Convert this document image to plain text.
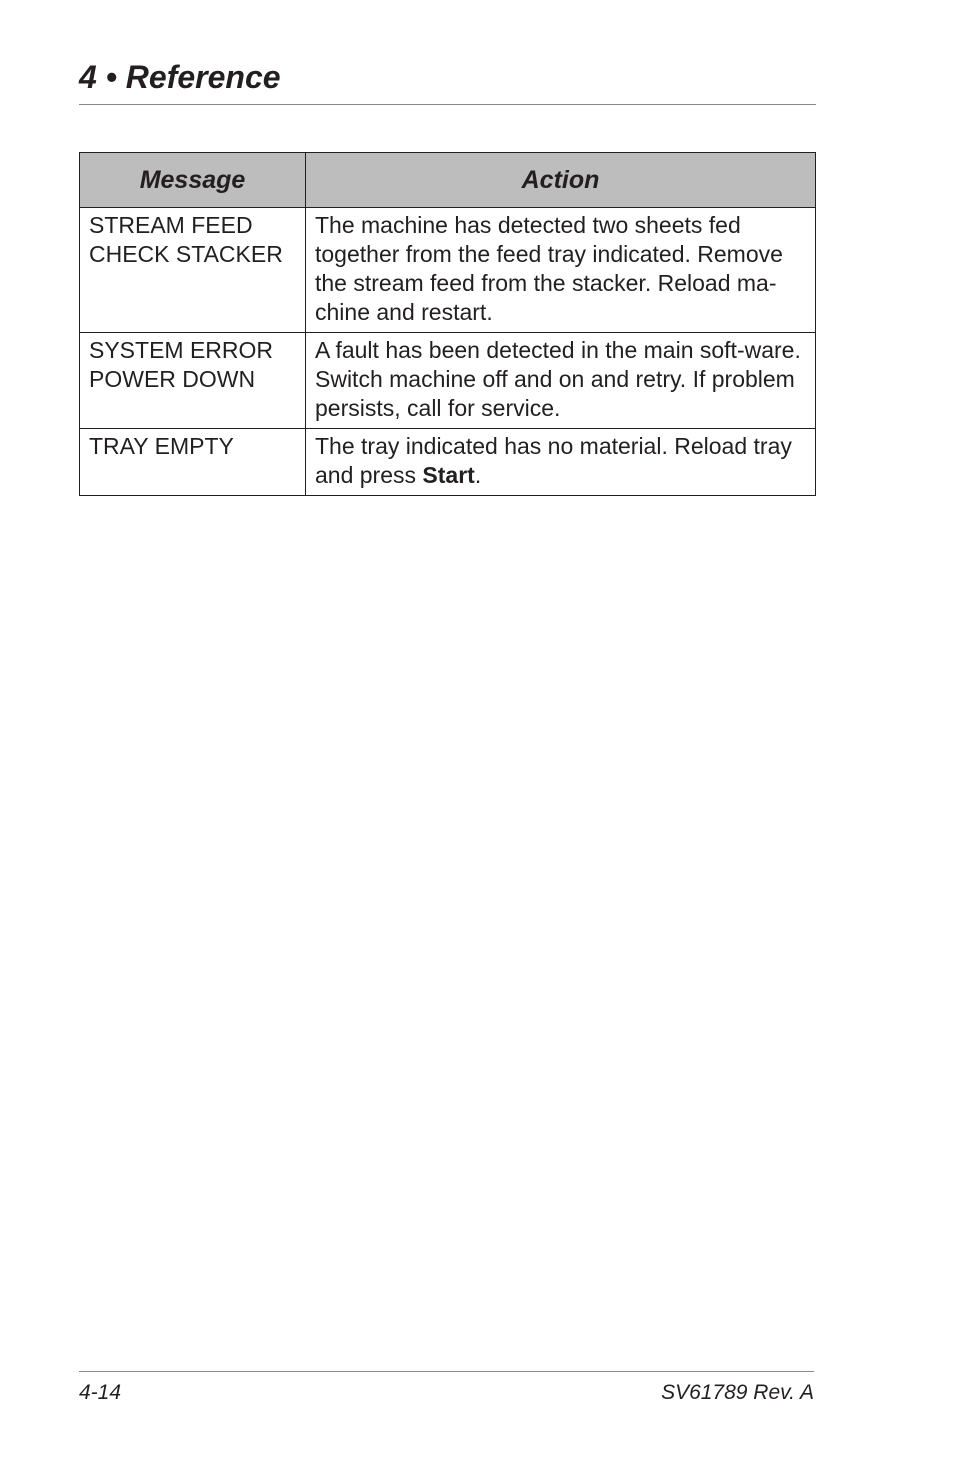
4 • Reference
Message	Action

STREAM FEED
CHECK STACKER	The machine has detected two sheets fed together from the feed tray indicated. Remove the stream feed from the stacker. Reload ma-chine and restart.

SYSTEM ERROR
POWER DOWN	A fault has been detected in the main soft-ware. Switch machine off and on and retry. If problem persists, call for service.

TRAY EMPTY	The tray indicated has no material. Reload tray and press Start.
4-14	SV61789 Rev. A
